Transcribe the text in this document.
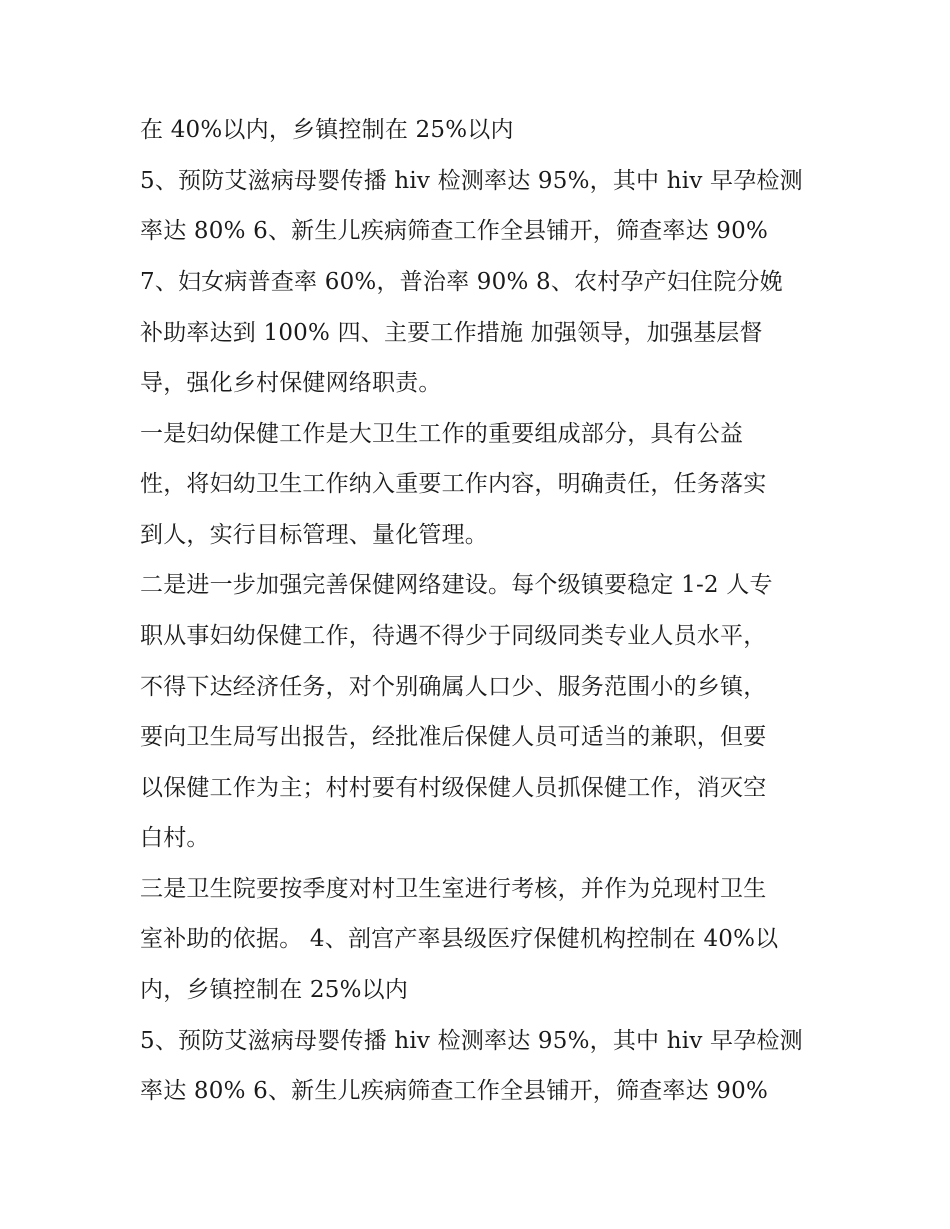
在 40%以内，乡镇控制在 25%以内
5、预防艾滋病母婴传播 hiv 检测率达 95%，其中 hiv 早孕检测
率达 80% 6、新生儿疾病筛查工作全县铺开，筛查率达 90%
7、妇女病普查率 60%，普治率 90% 8、农村孕产妇住院分娩
补助率达到 100% 四、主要工作措施 加强领导，加强基层督
导，强化乡村保健网络职责。
一是妇幼保健工作是大卫生工作的重要组成部分，具有公益
性，将妇幼卫生工作纳入重要工作内容，明确责任，任务落实
到人，实行目标管理、量化管理。
二是进一步加强完善保健网络建设。每个级镇要稳定 1-2 人专
职从事妇幼保健工作，待遇不得少于同级同类专业人员水平，
不得下达经济任务，对个别确属人口少、服务范围小的乡镇，
要向卫生局写出报告，经批准后保健人员可适当的兼职，但要
以保健工作为主；村村要有村级保健人员抓保健工作，消灭空
白村。
三是卫生院要按季度对村卫生室进行考核，并作为兑现村卫生
室补助的依据。 4、剖宫产率县级医疗保健机构控制在 40%以
内，乡镇控制在 25%以内
5、预防艾滋病母婴传播 hiv 检测率达 95%，其中 hiv 早孕检测
率达 80% 6、新生儿疾病筛查工作全县铺开，筛查率达 90%
